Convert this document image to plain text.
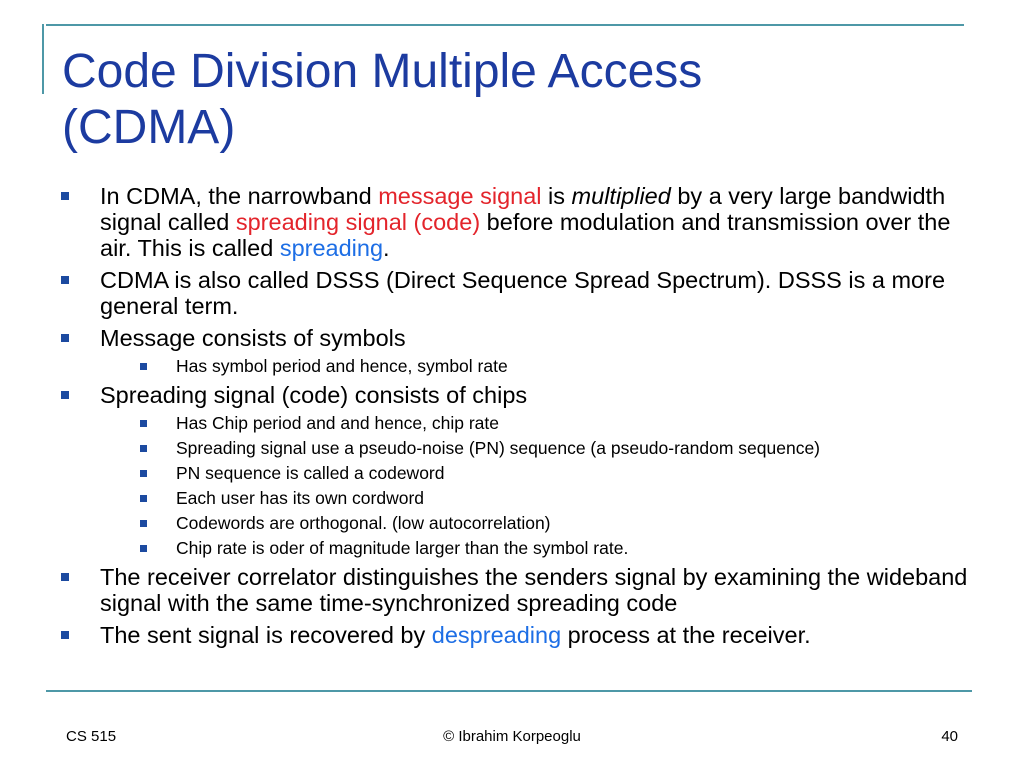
Code Division Multiple Access
(CDMA)
In CDMA, the narrowband message signal is multiplied by a very large bandwidth signal called spreading signal (code) before modulation and transmission over the air. This is called spreading.
CDMA is also called DSSS (Direct Sequence Spread Spectrum). DSSS is a more general term.
Message consists of symbols
Has symbol period and hence, symbol rate
Spreading signal (code) consists of chips
Has Chip period and and hence, chip rate
Spreading signal use a pseudo-noise (PN) sequence (a pseudo-random sequence)
PN sequence is called a codeword
Each user has its own cordword
Codewords are orthogonal. (low autocorrelation)
Chip rate is oder of magnitude larger than the symbol rate.
The receiver correlator distinguishes the senders signal by examining the wideband signal with the same time-synchronized spreading code
The sent signal is recovered by despreading process at the receiver.
CS 515	© Ibrahim Korpeoglu	40
